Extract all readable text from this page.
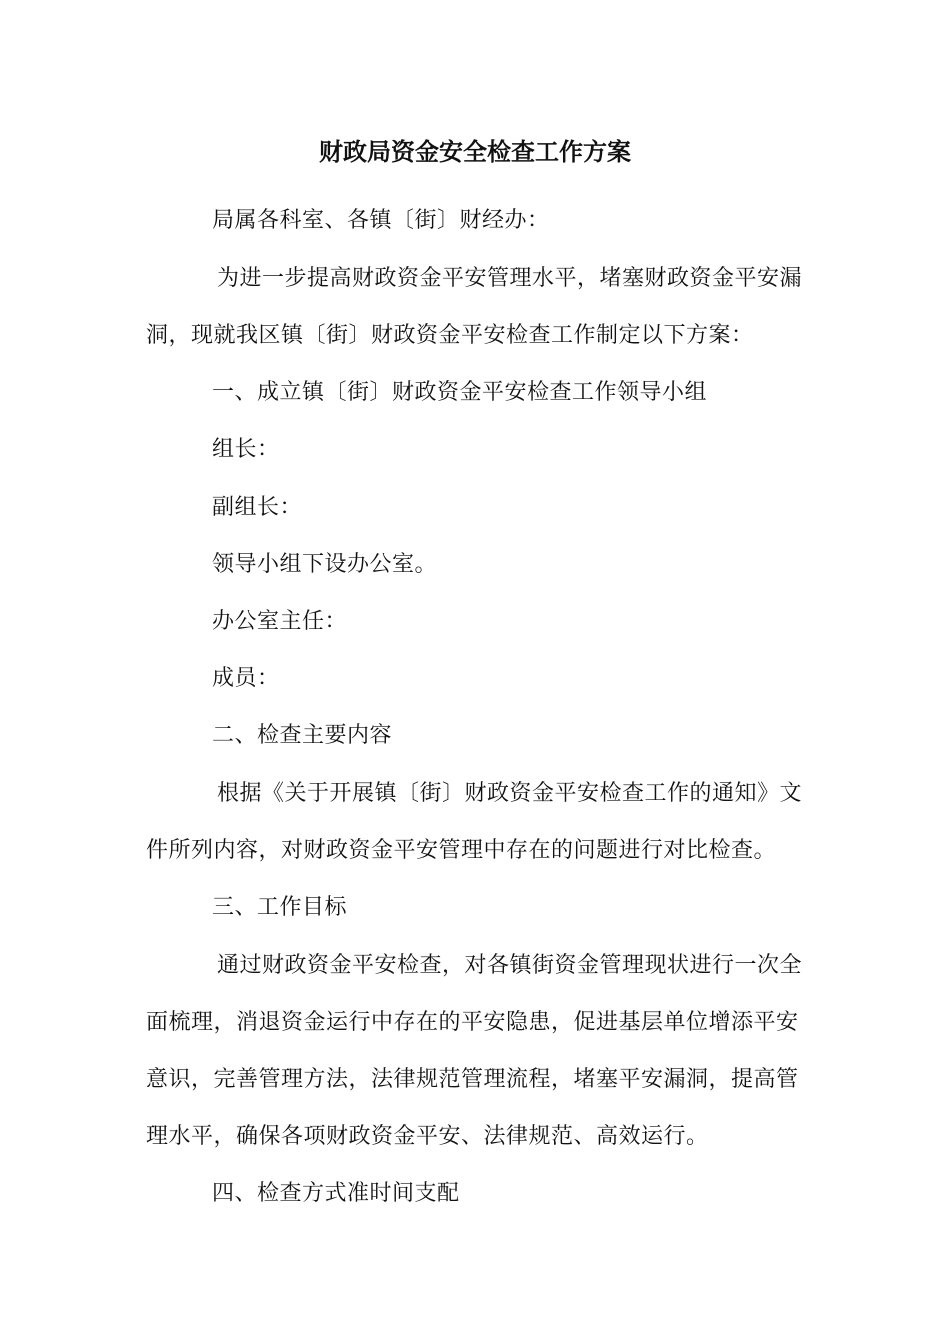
财政局资金安全检查工作方案
局属各科室、各镇〔街〕财经办：
为进一步提高财政资金平安管理水平，堵塞财政资金平安漏
洞，现就我区镇〔街〕财政资金平安检查工作制定以下方案：
一、成立镇〔街〕财政资金平安检查工作领导小组
组长：
副组长：
领导小组下设办公室。
办公室主任：
成员：
二、检查主要内容
根据《关于开展镇〔街〕财政资金平安检查工作的通知》文
件所列内容，对财政资金平安管理中存在的问题进行对比检查。
三、工作目标
通过财政资金平安检查，对各镇街资金管理现状进行一次全
面梳理，消退资金运行中存在的平安隐患，促进基层单位增添平安
意识，完善管理方法，法律规范管理流程，堵塞平安漏洞，提高管
理水平，确保各项财政资金平安、法律规范、高效运行。
四、检查方式准时间支配
